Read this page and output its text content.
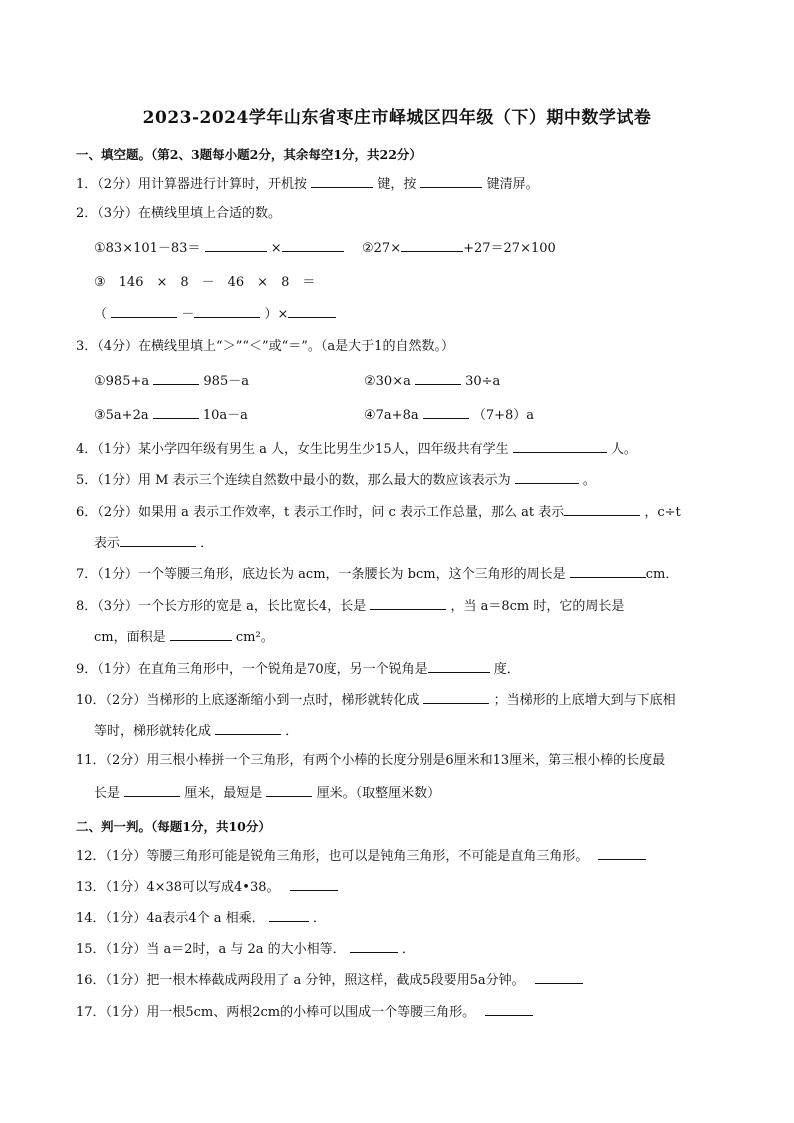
2023-2024学年山东省枣庄市峄城区四年级（下）期中数学试卷
一、填空题。（第2、3题每小题2分，其余每空1分，共22分）
1．（2分）用计算器进行计算时，开机按	键，按	键清屏。
2．（3分）在横线里填上合适的数。
①83×101－83＝	×	②27×	+27＝27×100
③　146　×　8　－　46　×　8　＝
（	－	）×
3．（4分）在横线里填上“＞”“＜”或“＝”。（a是大于1的自然数。）
①985+a	985－a	②30×a	30÷a
③5a+2a	10a－a	④7a+8a	（7+8）a
4．（1分）某小学四年级有男生 a 人，女生比男生少15人，四年级共有学生	人。
5．（1分）用 M 表示三个连续自然数中最小的数，那么最大的数应该表示为	。
6．（2分）如果用 a 表示工作效率，t 表示工作时，问 c 表示工作总量，那么 at 表示	，c÷t
表示	．
7．（1分）一个等腰三角形，底边长为 acm，一条腰长为 bcm，这个三角形的周长是	cm．
8．（3分）一个长方形的宽是 a，长比宽长4，长是	，当 a＝8cm 时，它的周长是
cm，面积是	cm²。
9．（1分）在直角三角形中，一个锐角是70度，另一个锐角是	度．
10．（2分）当梯形的上底逐渐缩小到一点时，梯形就转化成	；当梯形的上底增大到与下底相
等时，梯形就转化成	．
11．（2分）用三根小棒拼一个三角形，有两个小棒的长度分别是6厘米和13厘米，第三根小棒的长度最
长是	厘米，最短是	厘米。（取整厘米数）
二、判一判。（每题1分，共10分）
12．（1分）等腰三角形可能是锐角三角形，也可以是钝角三角形，不可能是直角三角形。
13．（1分）4×38可以写成4•38。
14．（1分）4a表示4个 a 相乘．	．
15．（1分）当 a＝2时，a 与 2a 的大小相等．	．
16．（1分）把一根木棒截成两段用了 a 分钟，照这样，截成5段要用5a分钟。
17．（1分）用一根5cm、两根2cm的小棒可以围成一个等腰三角形。
